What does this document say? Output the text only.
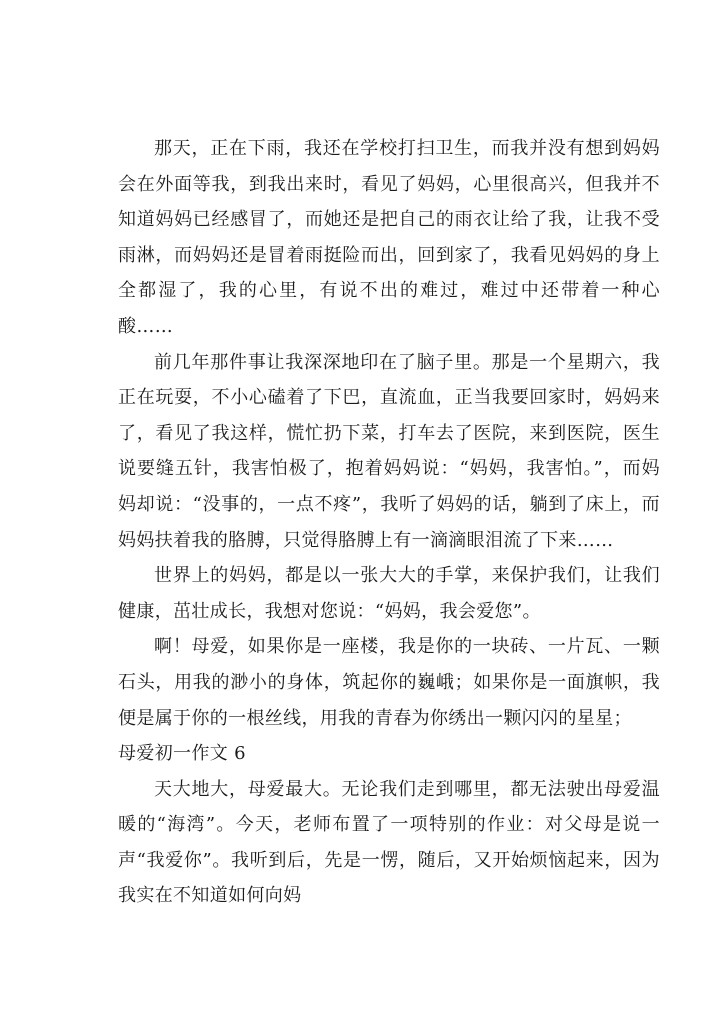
那天，正在下雨，我还在学校打扫卫生，而我并没有想到妈妈会在外面等我，到我出来时，看见了妈妈，心里很高兴，但我并不知道妈妈已经感冒了，而她还是把自己的雨衣让给了我，让我不受雨淋，而妈妈还是冒着雨挺险而出，回到家了，我看见妈妈的身上全都湿了，我的心里，有说不出的难过，难过中还带着一种心酸……

前几年那件事让我深深地印在了脑子里。那是一个星期六，我正在玩耍，不小心磕着了下巴，直流血，正当我要回家时，妈妈来了，看见了我这样，慌忙扔下菜，打车去了医院，来到医院，医生说要缝五针，我害怕极了，抱着妈妈说：“妈妈，我害怕。”，而妈妈却说：“没事的，一点不疼”，我听了妈妈的话，躺到了床上，而妈妈扶着我的胳膊，只觉得胳膊上有一滴滴眼泪流了下来……

世界上的妈妈，都是以一张大大的手掌，来保护我们，让我们健康，茁壮成长，我想对您说：“妈妈，我会爱您”。

啊！母爱，如果你是一座楼，我是你的一块砖、一片瓦、一颗石头，用我的渺小的身体，筑起你的巍峨；如果你是一面旗帜，我便是属于你的一根丝线，用我的青春为你绣出一颗闪闪的星星；

母爱初一作文 6

天大地大，母爱最大。无论我们走到哪里，都无法驶出母爱温暖的“海湾”。今天，老师布置了一项特别的作业：对父母是说一声“我爱你”。我听到后，先是一愣，随后，又开始烦恼起来，因为我实在不知道如何向妈
